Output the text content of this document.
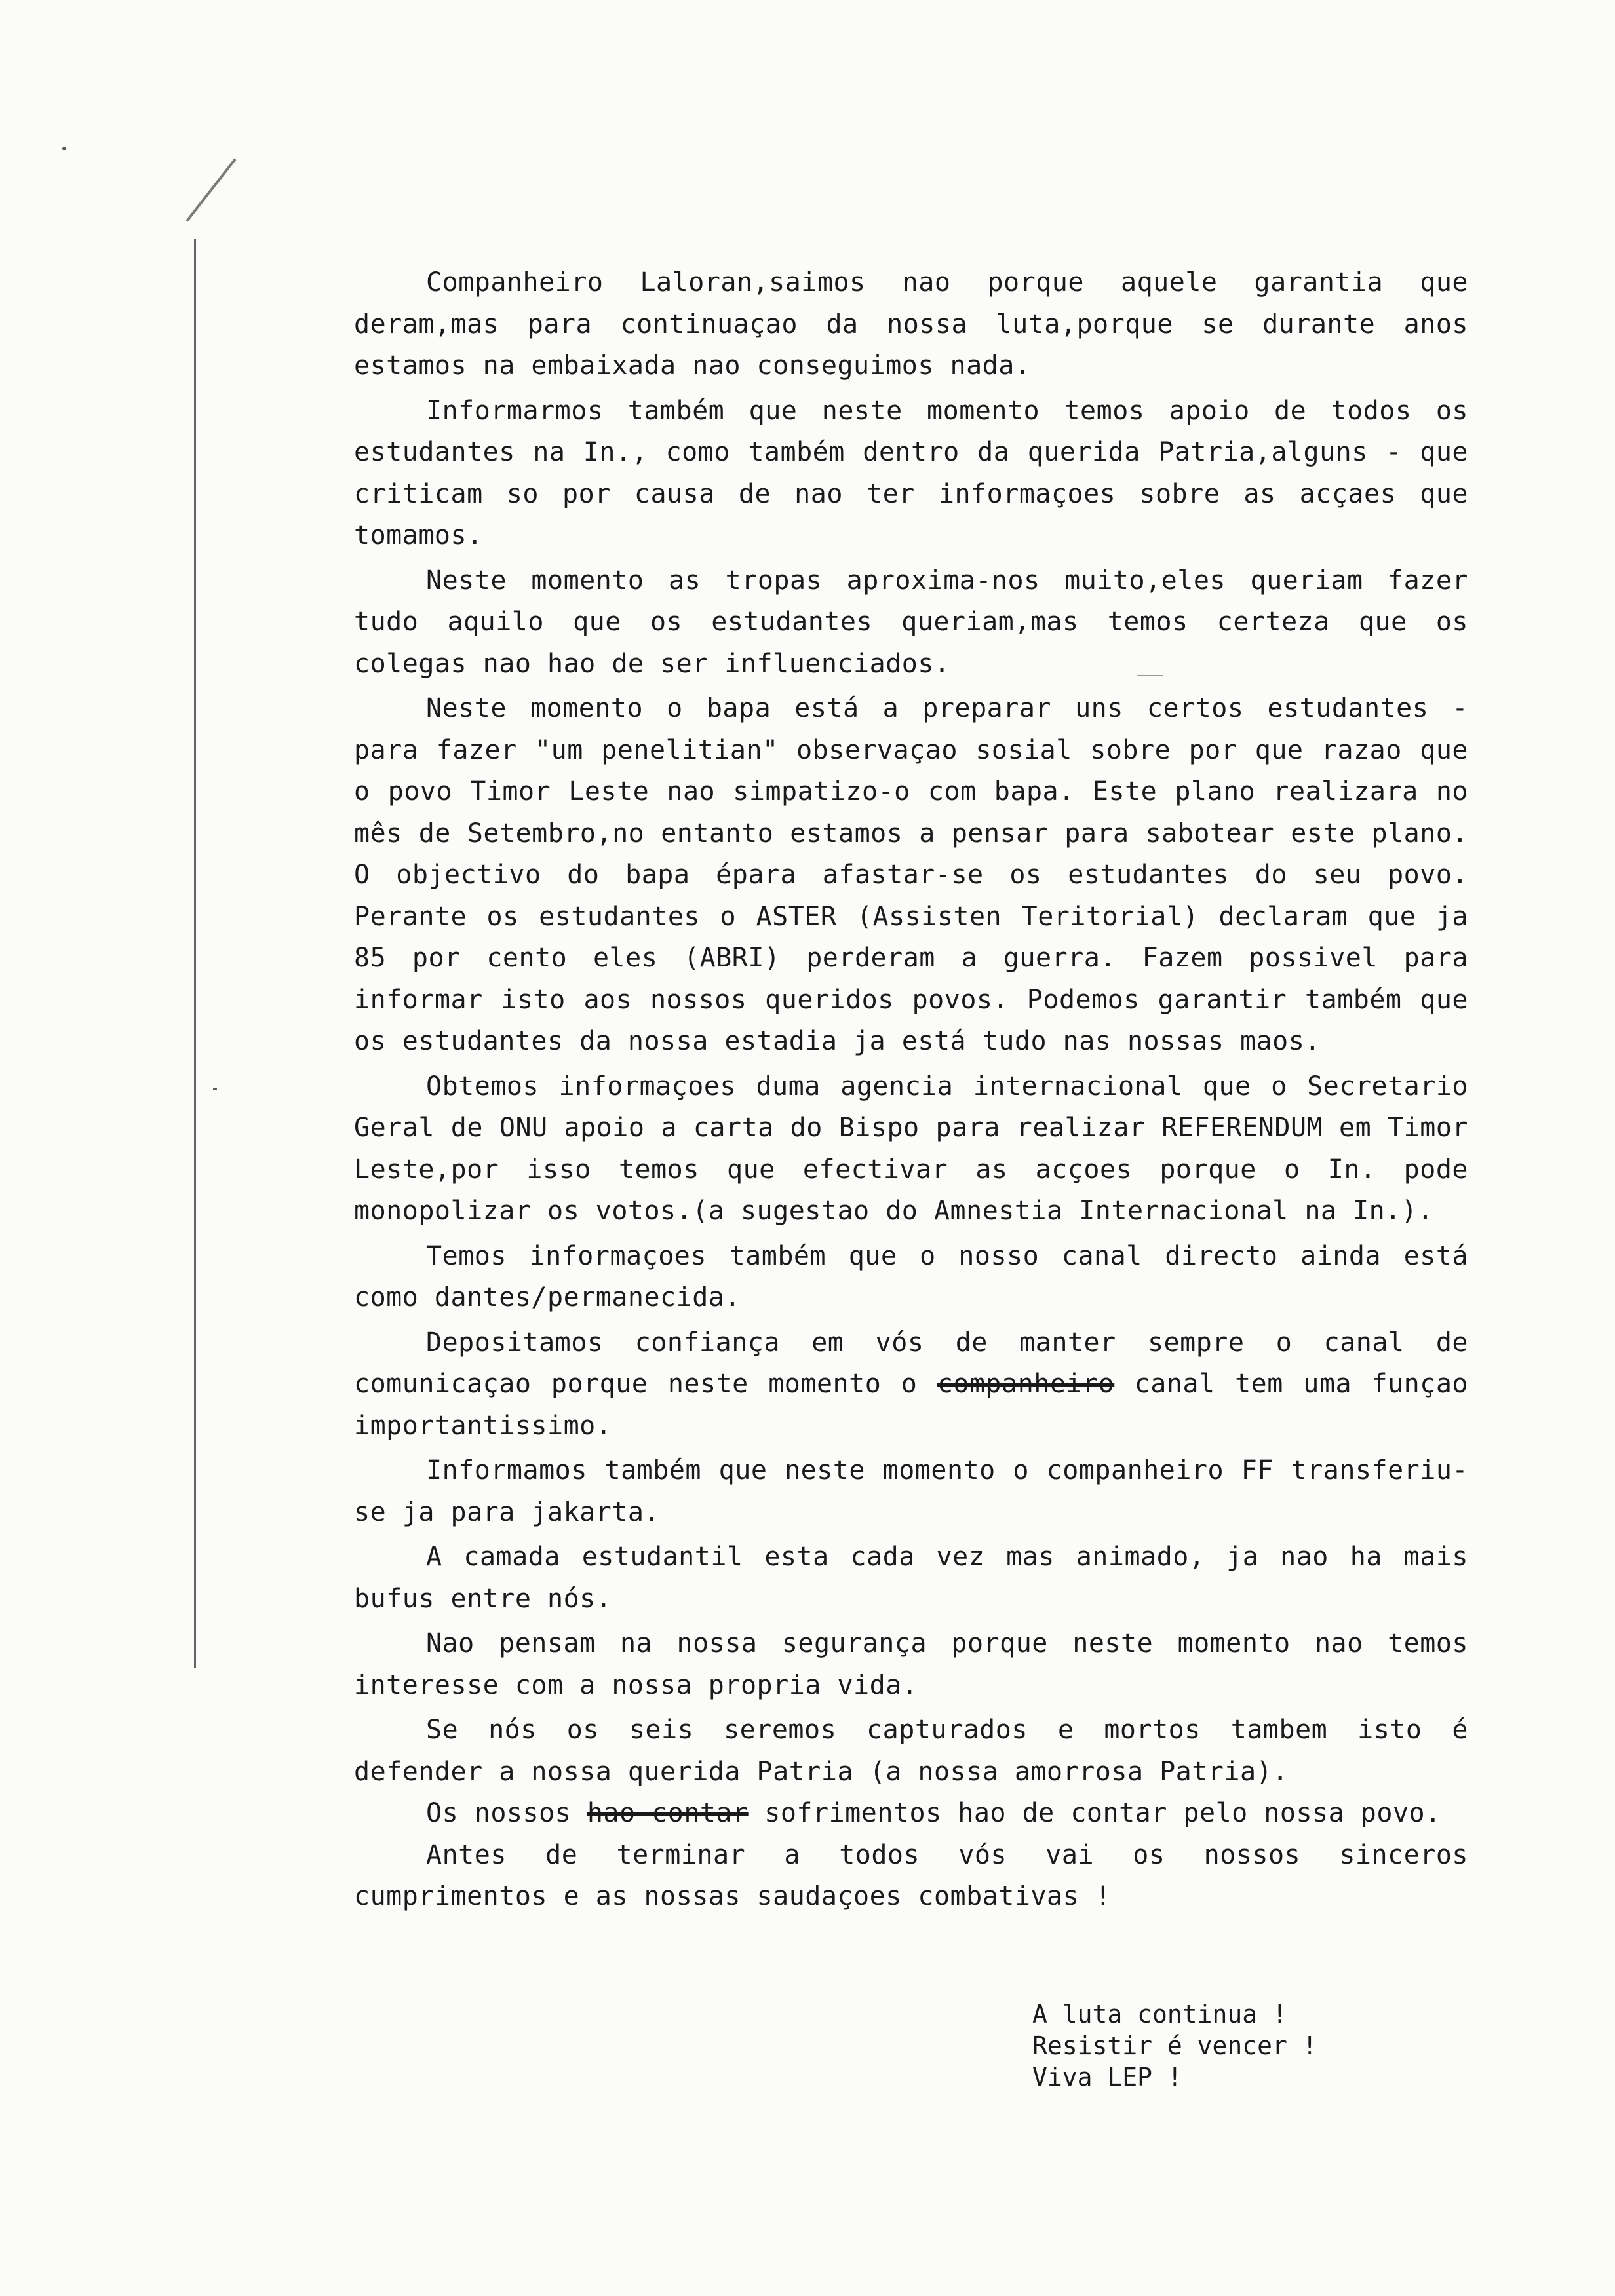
Companheiro Laloran,saimos nao porque aquele garantia que deram,mas para continuaçao da nossa luta,porque se durante anos estamos na embaixada nao conseguimos nada.

Informarmos também que neste momento temos apoio de todos os estudantes na In., como também dentro da querida Patria,alguns - que criticam so por causa de nao ter informaçoes sobre as acçaes que tomamos.

Neste momento as tropas aproxima-nos muito,eles queriam fazer tudo aquilo que os estudantes queriam,mas temos certeza que os colegas nao hao de ser influenciados.

Neste momento o bapa está a preparar uns certos estudantes - para fazer "um penelitian" observaçao sosial sobre por que razao que o povo Timor Leste nao simpatizo-o com bapa. Este plano realizara no mês de Setembro,no entanto estamos a pensar para sabotear este plano. O objectivo do bapa épara afastar-se os estudantes do seu povo. Perante os estudantes o ASTER (Assisten Teritorial) declaram que ja 85 por cento eles (ABRI) perderam a guerra. Fazem possivel para informar isto aos nossos queridos povos. Podemos garantir também que os estudantes da nossa estadia ja está tudo nas nossas maos.

Obtemos informaçoes duma agencia internacional que o Secretario Geral de ONU apoio a carta do Bispo para realizar REFERENDUM em Timor Leste,por isso temos que efectivar as acçoes porque o In. pode monopolizar os votos.(a sugestao do Amnestia Internacional na In.).

Temos informaçoes também que o nosso canal directo ainda está como dantes/permanecida.

Depositamos confiança em vós de manter sempre o canal de comunicaçao porque neste momento o companheiro canal tem uma funçao importantissimo.

Informamos também que neste momento o companheiro FF transferiu-se ja para jakarta.

A camada estudantil esta cada vez mas animado, ja nao ha mais bufus entre nós.

Nao pensam na nossa segurança porque neste momento nao temos interesse com a nossa propria vida.

Se nós os seis seremos capturados e mortos tambem isto é defender a nossa querida Patria (a nossa amorrosa Patria).

Os nossos hao contar sofrimentos hao de contar pelo nossa povo.

Antes de terminar a todos vós vai os nossos sinceros cumprimentos e as nossas saudaçoes combativas !

A luta continua !
Resistir é vencer !
Viva LEP !
